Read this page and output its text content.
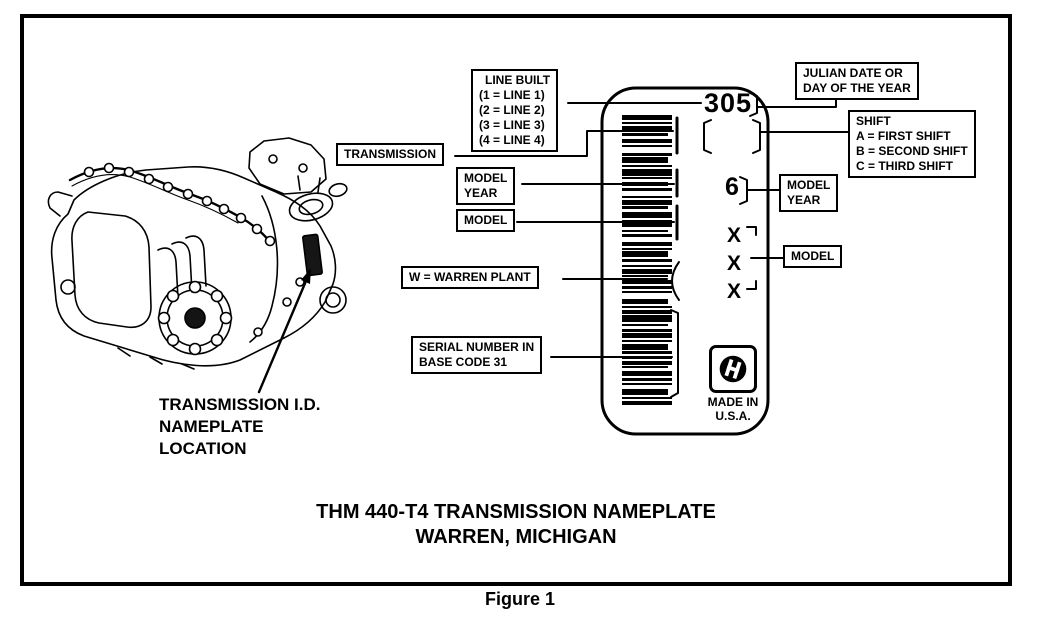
LINE BUILT
(1 = LINE 1)
(2 = LINE 2)
(3 = LINE 3)
(4 = LINE 4)
TRANSMISSION
MODEL
YEAR
MODEL
W = WARREN PLANT
SERIAL NUMBER IN
BASE CODE 31
JULIAN DATE OR
DAY OF THE YEAR
SHIFT
A = FIRST SHIFT
B = SECOND SHIFT
C = THIRD SHIFT
MODEL
YEAR
MODEL
305
6
X
X
X
MADE IN
U.S.A.
TRANSMISSION I.D.
NAMEPLATE
LOCATION
THM 440-T4 TRANSMISSION NAMEPLATE
WARREN, MICHIGAN
Figure 1
